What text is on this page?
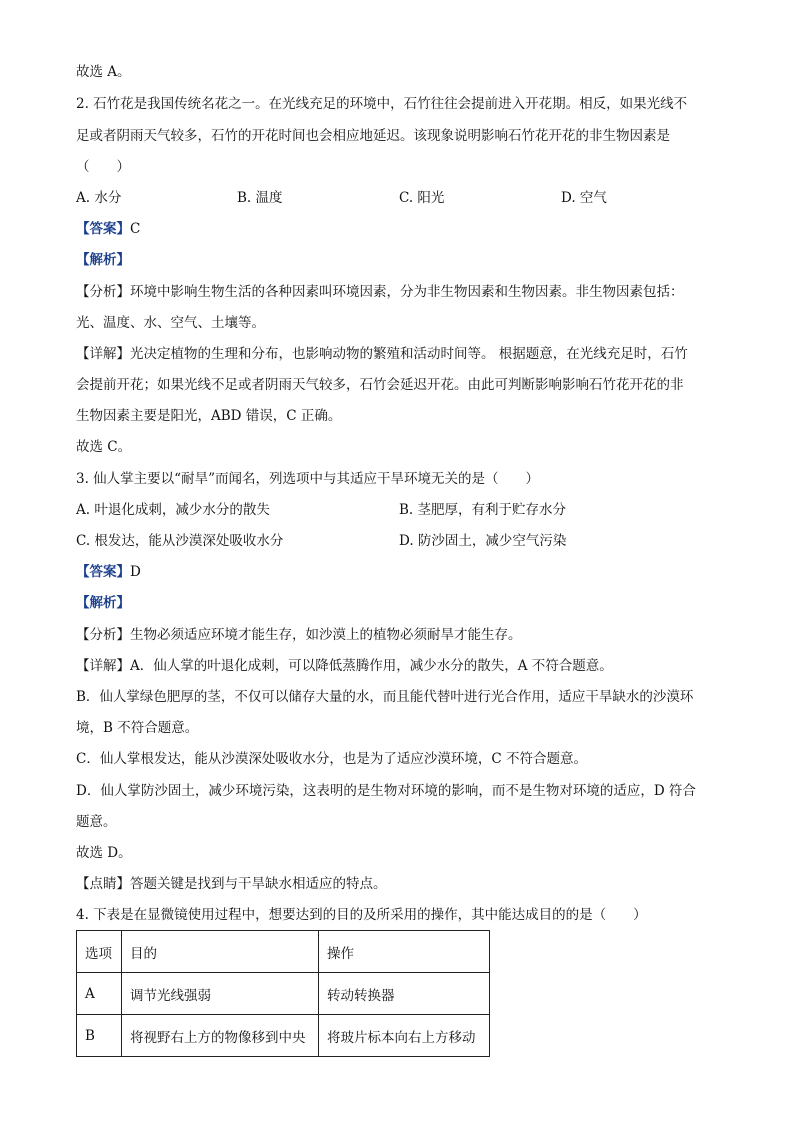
故选 A。
2. 石竹花是我国传统名花之一。在光线充足的环境中，石竹往往会提前进入开花期。相反，如果光线不
足或者阴雨天气较多，石竹的开花时间也会相应地延迟。该现象说明影响石竹花开花的非生物因素是
（　　）
A. 水分	B. 温度	C. 阳光	D. 空气
【答案】C
【解析】
【分析】环境中影响生物生活的各种因素叫环境因素，分为非生物因素和生物因素。非生物因素包括：
光、温度、水、空气、土壤等。
【详解】光决定植物的生理和分布，也影响动物的繁殖和活动时间等。 根据题意，在光线充足时，石竹
会提前开花；如果光线不足或者阴雨天气较多，石竹会延迟开花。由此可判断影响影响石竹花开花的非
生物因素主要是阳光，ABD 错误，C 正确。
故选 C。
3. 仙人掌主要以“耐旱”而闻名，列选项中与其适应干旱环境无关的是（　　）
A. 叶退化成刺，减少水分的散失	B. 茎肥厚，有利于贮存水分
C. 根发达，能从沙漠深处吸收水分	D. 防沙固土，减少空气污染
【答案】D
【解析】
【分析】生物必须适应环境才能生存，如沙漠上的植物必须耐旱才能生存。
【详解】A．仙人掌的叶退化成刺，可以降低蒸腾作用，减少水分的散失，A 不符合题意。
B．仙人掌绿色肥厚的茎，不仅可以储存大量的水，而且能代替叶进行光合作用，适应干旱缺水的沙漠环
境，B 不符合题意。
C．仙人掌根发达，能从沙漠深处吸收水分，也是为了适应沙漠环境，C 不符合题意。
D．仙人掌防沙固土，减少环境污染，这表明的是生物对环境的影响，而不是生物对环境的适应，D 符合
题意。
故选 D。
【点睛】答题关键是找到与干旱缺水相适应的特点。
4. 下表是在显微镜使用过程中，想要达到的目的及所采用的操作，其中能达成目的的是（　　）
选项	目的	操作
A	调节光线强弱	转动转换器
B	将视野右上方的物像移到中央	将玻片标本向右上方移动
